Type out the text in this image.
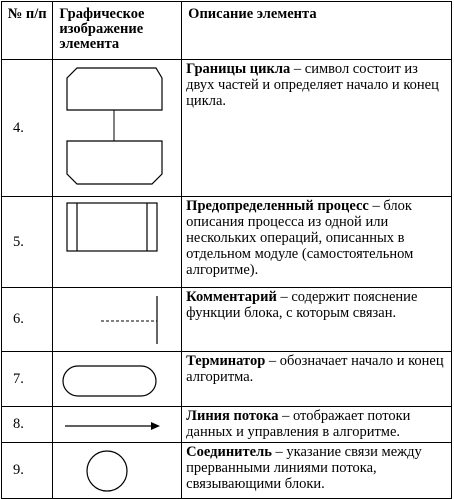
№ п/п	Графическое изображение элемента	Описание элемента
4.		Границы цикла – символ состоит из двух частей и определяет начало и конец цикла.
5.		Предопределенный процесс – блок описания процесса из одной или нескольких операций, описанных в отдельном модуле (самостоятельном алгоритме).
6.		Комментарий – содержит пояснение функции блока, с которым связан.
7.		Терминатор – обозначает начало и конец алгоритма.
8.		Линия потока – отображает потоки данных и управления в алгоритме.
9.		Соединитель – указание связи между прерванными линиями потока, связывающими блоки.
